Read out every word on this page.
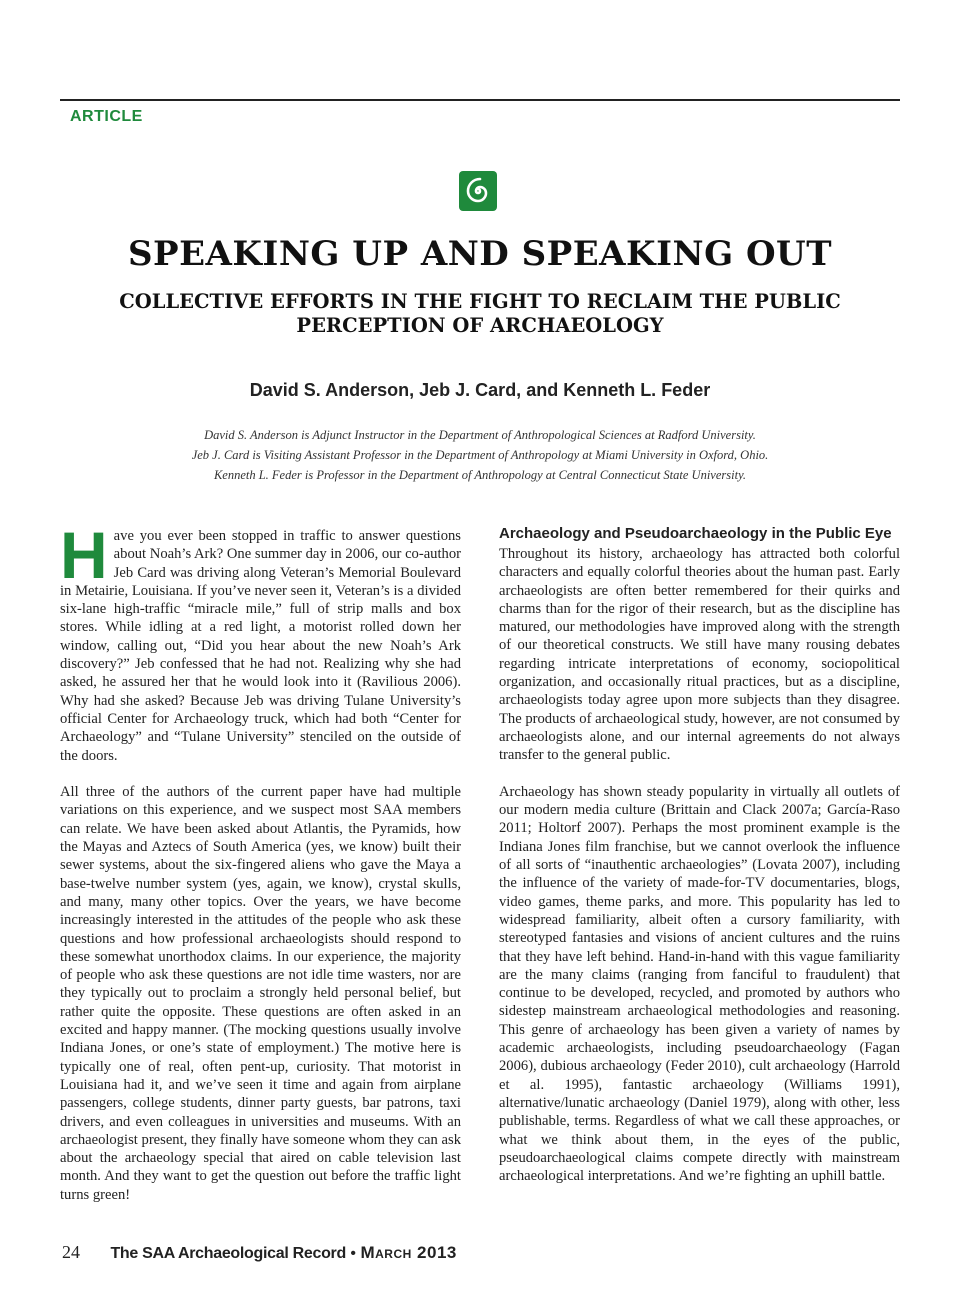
ARTICLE
SPEAKING UP AND SPEAKING OUT
COLLECTIVE EFFORTS IN THE FIGHT TO RECLAIM THE PUBLIC PERCEPTION OF ARCHAEOLOGY
David S. Anderson, Jeb J. Card, and Kenneth L. Feder
David S. Anderson is Adjunct Instructor in the Department of Anthropological Sciences at Radford University.
Jeb J. Card is Visiting Assistant Professor in the Department of Anthropology at Miami University in Oxford, Ohio.
Kenneth L. Feder is Professor in the Department of Anthropology at Central Connecticut State University.

Have you ever been stopped in traffic to answer questions about Noah’s Ark? One summer day in 2006, our co-author Jeb Card was driving along Veteran’s Memorial Boulevard in Metairie, Louisiana. If you’ve never seen it, Veteran’s is a divided six-lane high-traffic “miracle mile,” full of strip malls and box stores. While idling at a red light, a motorist rolled down her window, calling out, “Did you hear about the new Noah’s Ark discovery?” Jeb confessed that he had not. Realizing why she had asked, he assured her that he would look into it (Ravilious 2006). Why had she asked? Because Jeb was driving Tulane University’s official Center for Archaeology truck, which had both “Center for Archaeology” and “Tulane University” stenciled on the outside of the doors.

All three of the authors of the current paper have had multiple variations on this experience, and we suspect most SAA members can relate. We have been asked about Atlantis, the Pyramids, how the Mayas and Aztecs of South America (yes, we know) built their sewer systems, about the six-fingered aliens who gave the Maya a base-twelve number system (yes, again, we know), crystal skulls, and many, many other topics. Over the years, we have become increasingly interested in the attitudes of the people who ask these questions and how professional archaeologists should respond to these somewhat unorthodox claims. In our experience, the majority of people who ask these questions are not idle time wasters, nor are they typically out to proclaim a strongly held personal belief, but rather quite the opposite. These questions are often asked in an excited and happy manner. (The mocking questions usually involve Indiana Jones, or one’s state of employment.) The motive here is typically one of real, often pent-up, curiosity. That motorist in Louisiana had it, and we’ve seen it time and again from airplane passengers, college students, dinner party guests, bar patrons, taxi drivers, and even colleagues in universities and museums. With an archaeologist present, they finally have someone whom they can ask about the archaeology special that aired on cable television last month. And they want to get the question out before the traffic light turns green!

Archaeology and Pseudoarchaeology in the Public Eye

Throughout its history, archaeology has attracted both colorful characters and equally colorful theories about the human past. Early archaeologists are often better remembered for their quirks and charms than for the rigor of their research, but as the discipline has matured, our methodologies have improved along with the strength of our theoretical constructs. We still have many rousing debates regarding intricate interpretations of economy, sociopolitical organization, and occasionally ritual practices, but as a discipline, archaeologists today agree upon more subjects than they disagree. The products of archaeological study, however, are not consumed by archaeologists alone, and our internal agreements do not always transfer to the general public.

Archaeology has shown steady popularity in virtually all outlets of our modern media culture (Brittain and Clack 2007a; García-Raso 2011; Holtorf 2007). Perhaps the most prominent example is the Indiana Jones film franchise, but we cannot overlook the influence of all sorts of “inauthentic archaeologies” (Lovata 2007), including the influence of the variety of made-for-TV documentaries, blogs, video games, theme parks, and more. This popularity has led to widespread familiarity, albeit often a cursory familiarity, with stereotyped fantasies and visions of ancient cultures and the ruins that they have left behind. Hand-in-hand with this vague familiarity are the many claims (ranging from fanciful to fraudulent) that continue to be developed, recycled, and promoted by authors who sidestep mainstream archaeological methodologies and reasoning. This genre of archaeology has been given a variety of names by academic archaeologists, including pseudoarchaeology (Fagan 2006), dubious archaeology (Feder 2010), cult archaeology (Harrold et al. 1995), fantastic archaeology (Williams 1991), alternative/lunatic archaeology (Daniel 1979), along with other, less publishable, terms. Regardless of what we call these approaches, or what we think about them, in the eyes of the public, pseudoarchaeological claims compete directly with mainstream archaeological interpretations. And we’re fighting an uphill battle.

24 The SAA Archaeological Record • March 2013
